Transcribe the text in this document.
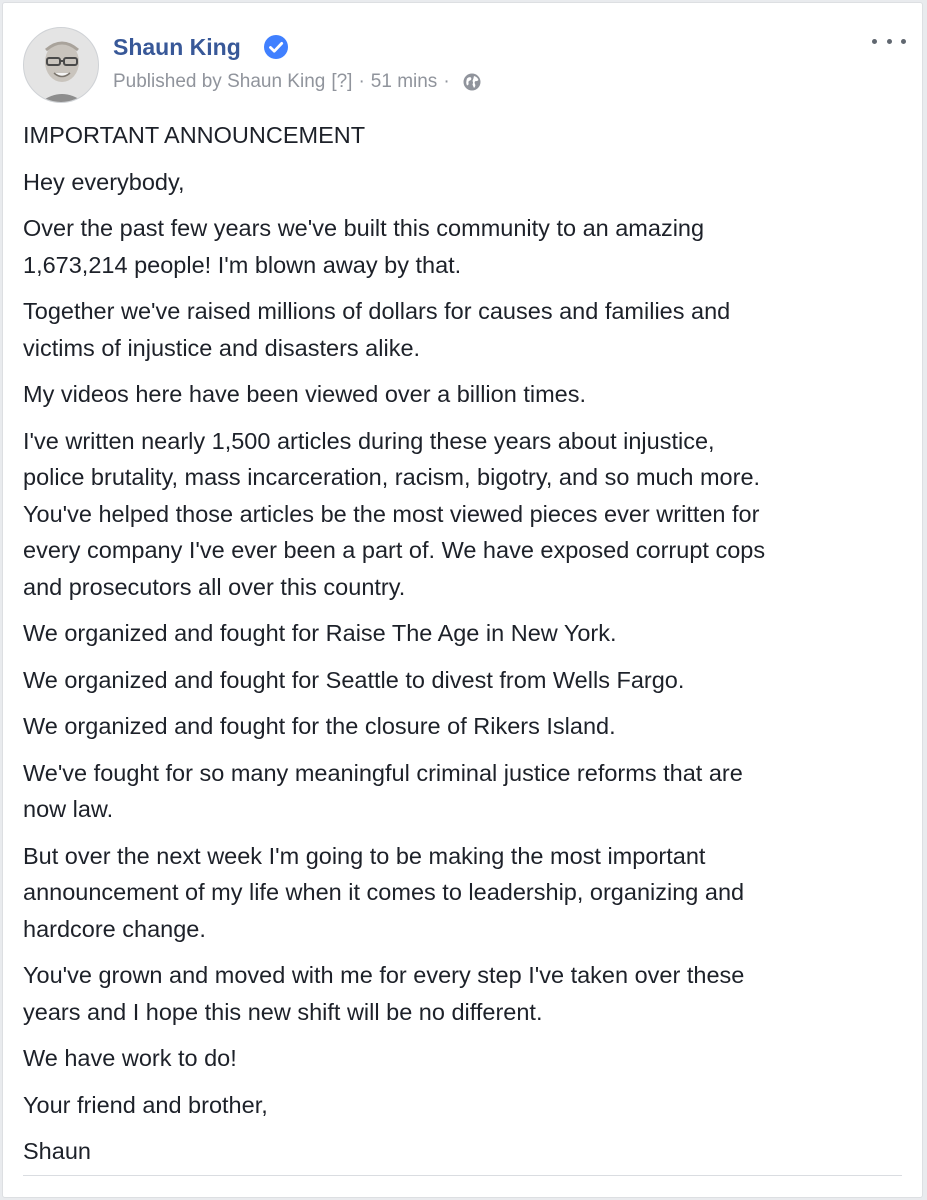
Shaun King
Published by Shaun King [?] · 51 mins ·

IMPORTANT ANNOUNCEMENT

Hey everybody,

Over the past few years we've built this community to an amazing
1,673,214 people! I'm blown away by that.

Together we've raised millions of dollars for causes and families and
victims of injustice and disasters alike.

My videos here have been viewed over a billion times.

I've written nearly 1,500 articles during these years about injustice,
police brutality, mass incarceration, racism, bigotry, and so much more.
You've helped those articles be the most viewed pieces ever written for
every company I've ever been a part of. We have exposed corrupt cops
and prosecutors all over this country.

We organized and fought for Raise The Age in New York.

We organized and fought for Seattle to divest from Wells Fargo.

We organized and fought for the closure of Rikers Island.

We've fought for so many meaningful criminal justice reforms that are
now law.

But over the next week I'm going to be making the most important
announcement of my life when it comes to leadership, organizing and
hardcore change.

You've grown and moved with me for every step I've taken over these
years and I hope this new shift will be no different.

We have work to do!

Your friend and brother,

Shaun
